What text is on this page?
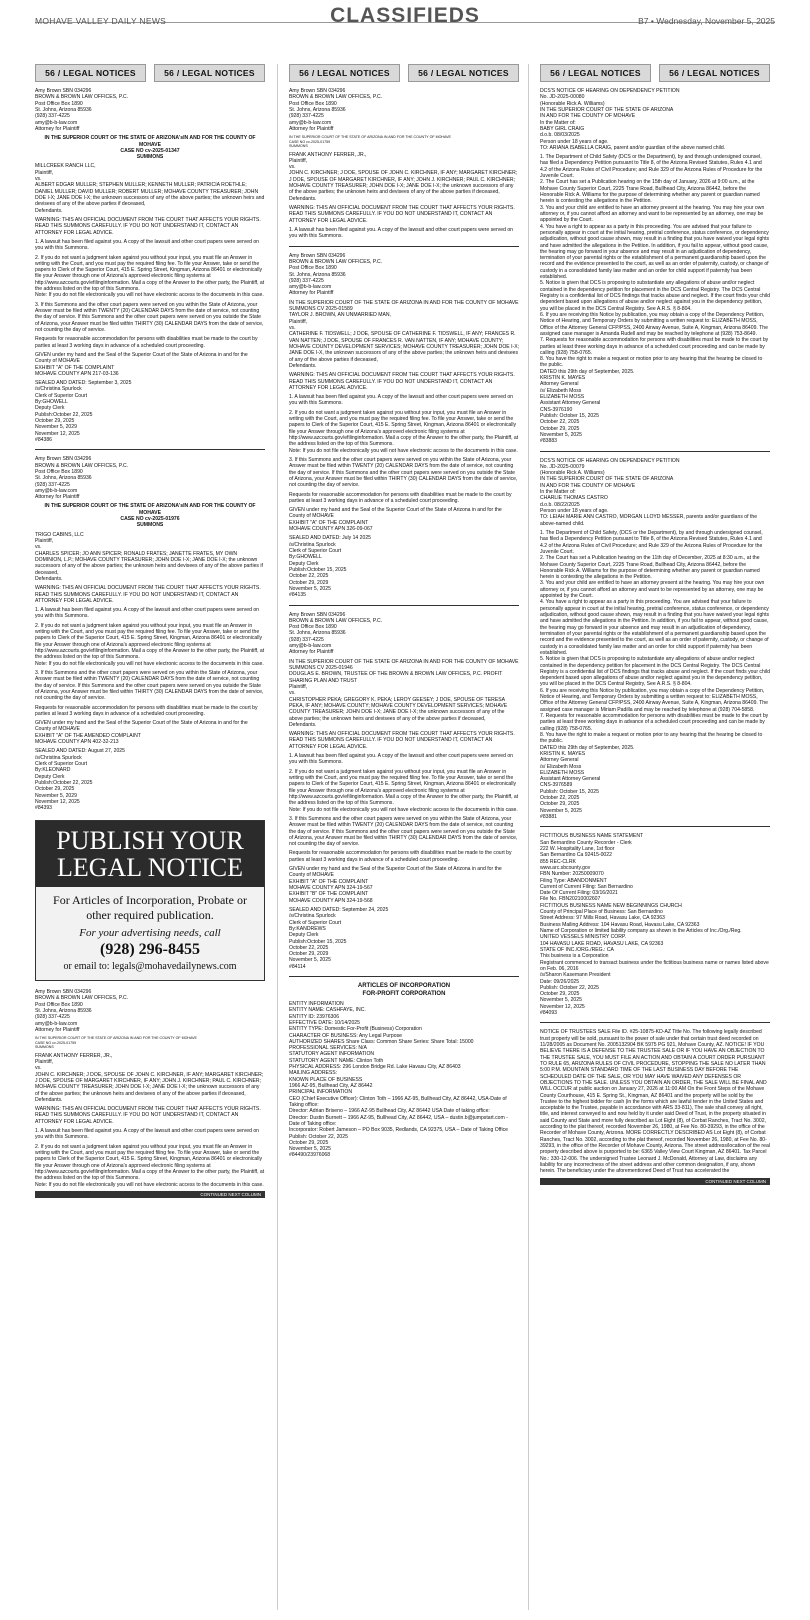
MOHAVE VALLEY DAILY NEWS	CLASSIFIEDS	B7 • Wednesday, November 5, 2025
56 / LEGAL NOTICES	56 / LEGAL NOTICES

Amy Brown SBN 034296
BROWN & BROWN LAW OFFICES, P.C.
Post Office Box 1890
St. Johns, Arizona 85936
(928) 337-4225
amy@b-b-law.com
Attorney for Plaintiff

IN THE SUPERIOR COURT OF THE STATE OF ARIZONA'sIN AND FOR THE COUNTY OF MOHAVE
CASE NO cv-2025-01347
SUMMONS

MILLCREEK RANCH LLC,
Plaintiff,
vs.
ALBERT EDGAR MULLER; STEPHEN MULLER; KENNETH MULLER; PATRICIA ROETHLE; DANIEL MULLER; DAVID MULLER; ROBERT MULLER; MOHAVE COUNTY TREASURER; JOHN DOE I-X; JANE DOE I-X; the unknown successors of any of the above parties; the unknown heirs and devisees of any of the above parties if deceased,
Defendants.

WARNING: THIS AN OFFICIAL DOCUMENT FROM THE COURT THAT AFFECTS YOUR RIGHTS. READ THIS SUMMONS CAREFULLY. IF YOU DO NOT UNDERSTAND IT, CONTACT AN ATTORNEY FOR LEGAL ADVICE.

1. A lawsuit has been filed against you. A copy of the lawsuit and other court papers were served on you with this Summons.

2. If you do not want a judgment taken against you without your input, you must file an Answer in writing with the Court, and you must pay the required filing fee. To file your Answer, take or send the papers to Clerk of the Superior Court, 415 E. Spring Street, Kingman, Arizona 86401 or electronically file your Answer through one of Arizona's approved electronic filing systems at http://www.azcourts.gov/efilinginformation. Mail a copy of the Answer to the other party, the Plaintiff, at the address listed on the top of this Summons.
Note: If you do not file electronically you will not have electronic access to the documents in this case.

3. If this Summons and the other court papers were served on you within the State of Arizona, your Answer must be filed within TWENTY (20) CALENDAR DAYS from the date of service, not counting the day of service. If this Summons and the other court papers were served on you outside the State of Arizona, your Answer must be filed within THIRTY (30) CALENDAR DAYS from the date of service, not counting the day of service.

Requests for reasonable accommodation for persons with disabilities must be made to the court by parties at least 3 working days in advance of a scheduled court proceeding.

GIVEN under my hand and the Seal of the Superior Court of the State of Arizona in and for the County of MOHAVE
EXHIBIT "A" OF THE COMPLAINT
MOHAVE COUNTY APN 217-03-136

SEALED AND DATED: September 3, 2025
/s/Christina Spurlock
Clerk of Superior Court
By:GHOWELL
Deputy Clerk
Publish:October 22, 2025
October 29, 2025
November 5, 2029
November 12, 2025
#84386

Amy Brown SBN 034296
BROWN & BROWN LAW OFFICES, P.C.
Post Office Box 1890
St. Johns, Arizona 85936
(928) 337-4225
amy@b-b-law.com
Attorney for Plaintiff

IN THE SUPERIOR COURT OF THE STATE OF ARIZONA'sIN AND FOR THE COUNTY OF MOHAVE
CASE NO cv-2025-01976
SUMMONS

TRIGO CABINS, LLC
Plaintiff,
vs.
CHARLES SPICER; JO ANN SPICER; RONALD FRATES; JANETTE FRATES, MY OWN DOMINION, L.P.; MOHAVE COUNTY TREASURER; JOHN DOE I-X; JANE DOE I-X; the unknown successors of any of the above parties; the unknown heirs and devisees of any of the above parties if deceased,
Defendants.

WARNING: THIS AN OFFICIAL DOCUMENT FROM THE COURT THAT AFFECTS YOUR RIGHTS. READ THIS SUMMONS CAREFULLY. IF YOU DO NOT UNDERSTAND IT, CONTACT AN ATTORNEY FOR LEGAL ADVICE.

1. A lawsuit has been filed against you. A copy of the lawsuit and other court papers were served on you with this Summons.

2. If you do not want a judgment taken against you without your input, you must file an Answer in writing with the Court, and you must pay the required filing fee. To file your Answer, take or send the papers to Clerk of the Superior Court, 415 E. Spring Street, Kingman, Arizona 86401 or electronically file your Answer through one of Arizona's approved electronic filing systems at http://www.azcourts.gov/efilinginformation. Mail a copy of the Answer to the other party, the Plaintiff, at the address listed on the top of this Summons.
Note: If you do not file electronically you will not have electronic access to the documents in this case.

3. If this Summons and the other court papers were served on you within the State of Arizona, your Answer must be filed within TWENTY (20) CALENDAR DAYS from the date of service, not counting the day of service. If this Summons and the other court papers were served on you outside the State of Arizona, your Answer must be filed within THIRTY (30) CALENDAR DAYS from the date of service, not counting the day of service.

Requests for reasonable accommodation for persons with disabilities must be made to the court by parties at least 3 working days in advance of a scheduled court proceeding.

GIVEN under my hand and the Seal of the Superior Court of the State of Arizona in and for the County of MOHAVE
EXHIBIT "A" OF THE AMENDED COMPLAINT
MOHAVE COUNTY APN 402-32-213

SEALED AND DATED: August 27, 2025
/s/Christina Spurlock
Clerk of Superior Court
By:KLEONARD
Deputy Clerk
Publish:October 22, 2025
October 29, 2025
November 5, 2029
November 12, 2025
#84393

PUBLISH YOUR LEGAL NOTICE
For Articles of Incorporation, Probate or other required publication.
For your advertising needs, call
(928) 296-8455
or email to: legals@mohavedailynews.com

Amy Brown SBN 034296
BROWN & BROWN LAW OFFICES, P.C.
Post Office Box 1890
St. Johns, Arizona 85936
(928) 337-4225
amy@b-b-law.com
Attorney for Plaintiff

IN THE SUPERIOR COURT OF THE STATE OF ARIZONA IN AND FOR THE COUNTY OF MOHAVE
CASE NO cv-2025-01759
SUMMONS

FRANK ANTHONY FERRER, JR.,
Plaintiff,
vs.
JOHN C. KIRCHNER; J DOE, SPOUSE OF JOHN C. KIRCHNER, IF ANY; MARGARET KIRCHNER; J DOE, SPOUSE OF MARGARET KIRCHNER, IF ANY; JOHN J. KIRCHNER; PAUL C. KIRCHNER; MOHAVE COUNTY TREASURER; JOHN DOE I-X; JANE DOE I-X; the unknown successors of any of the above parties; the unknown heirs and devisees of any of the above parties if deceased,
Defendants.

WARNING: THIS AN OFFICIAL DOCUMENT FROM THE COURT THAT AFFECTS YOUR RIGHTS. READ THIS SUMMONS CAREFULLY. IF YOU DO NOT UNDERSTAND IT, CONTACT AN ATTORNEY FOR LEGAL ADVICE.

1. A lawsuit has been filed against you. A copy of the lawsuit and other court papers were served on you with this Summons.

2. If you do not want a judgment taken against you without your input, you must file an Answer in writing with the Court, and you must pay the required filing fee. To file your Answer, take or send the papers to Clerk of the Superior Court, 415 E. Spring Street, Kingman, Arizona 86401 or electronically file your Answer through one of Arizona's approved electronic filing systems at http://www.azcourts.gov/efilinginformation. Mail a copy of the Answer to the other party, the Plaintiff, at the address listed on the top of this Summons.
Note: If you do not file electronically you will not have electronic access to the documents in this case.

CONTINUED NEXT COLUMN
56 / LEGAL NOTICES	56 / LEGAL NOTICES

Amy Brown SBN 034296
BROWN & BROWN LAW OFFICES, P.C.
Post Office Box 1890
St. Johns, Arizona 85936
(928) 337-4225
amy@b-b-law.com
Attorney for Plaintiff

IN THE SUPERIOR COURT OF THE STATE OF ARIZONA IN AND FOR THE COUNTY OF MOHAVE
CASE NO cv-2025-01759
SUMMONS

FRANK ANTHONY FERRER, JR.,
Plaintiff,
vs.
JOHN C. KIRCHNER; J DOE, SPOUSE OF JOHN C. KIRCHNER, IF ANY; MARGARET KIRCHNER; J DOE, SPOUSE OF MARGARET KIRCHNER, IF ANY; JOHN J. KIRCHNER; PAUL C. KIRCHNER; MOHAVE COUNTY TREASURER; JOHN DOE I-X; JANE DOE I-X; the unknown successors of any of the above parties; the unknown heirs and devisees of any of the above parties if deceased,
Defendants.

WARNING: THIS AN OFFICIAL DOCUMENT FROM THE COURT THAT AFFECTS YOUR RIGHTS. READ THIS SUMMONS CAREFULLY. IF YOU DO NOT UNDERSTAND IT, CONTACT AN ATTORNEY FOR LEGAL ADVICE.

1. A lawsuit has been filed against you. A copy of the lawsuit and other court papers were served on you with this Summons.

Amy Brown SBN 034296
BROWN & BROWN LAW OFFICES, P.C.
Post Office Box 1890
St. Johns, Arizona 85936
(928) 337-4225
amy@b-b-law.com
Attorney for Plaintiff

IN THE SUPERIOR COURT OF THE STATE OF ARIZONA IN AND FOR THE COUNTY OF MOHAVE
SUMMONS CV 2025-01589
TAYLOR J. BROWN, AN UNMARRIED MAN,
Plaintiff,
vs.
CATHERINE F. TIDSWELL; J DOE, SPOUSE OF CATHERINE F. TIDSWELL, IF ANY; FRANCES R. VAN NATTEN; J DOE, SPOUSE OF FRANCES R. VAN NATTEN, IF ANY; MOHAVE COUNTY; MOHAVE COUNTY DEVELOPMENT SERVICES; MOHAVE COUNTY TREASURER; JOHN DOE I-X; JANE DOE I-X, the unknown successors of any of the above parties; the unknown heirs and devisees of any of the above parties if deceased,
Defendants.

WARNING: THIS AN OFFICIAL DOCUMENT FROM THE COURT THAT AFFECTS YOUR RIGHTS. READ THIS SUMMONS CAREFULLY. IF YOU DO NOT UNDERSTAND IT, CONTACT AN ATTORNEY FOR LEGAL ADVICE.

1. A lawsuit has been filed against you. A copy of the lawsuit and other court papers were served on you with this Summons.

2. If you do not want a judgment taken against you without your input, you must file an Answer in writing with the Court, and you must pay the required filing fee. To file your Answer, take or send the papers to Clerk of the Superior Court, 415 E. Spring Street, Kingman, Arizona 86401 or electronically file your Answer through one of Arizona's approved electronic filing systems at http://www.azcourts.gov/efilinginformation. Mail a copy of the Answer to the other party, the Plaintiff, at the address listed on the top of this Summons.
Note: If you do not file electronically you will not have electronic access to the documents in this case.

3. If this Summons and the other court papers were served on you within the State of Arizona, your Answer must be filed within TWENTY (20) CALENDAR DAYS from the date of service, not counting the day of service. If this Summons and the other court papers were served on you outside the State of Arizona, your Answer must be filed within THIRTY (30) CALENDAR DAYS from the date of service, not counting the day of service.

Requests for reasonable accommodation for persons with disabilities must be made to the court by parties at least 3 working days in advance of a scheduled court proceeding.

GIVEN under my hand and the Seal of the Superior Court of the State of Arizona in and for the County of MOHAVE
EXHIBIT "A" OF THE COMPLAINT
MOHAVE COUNTY APN 326-09-067

SEALED AND DATED: July 14 2025
/s/Christina Spurlock
Clerk of Superior Court
By:GHOWELL
Deputy Clerk
Publish:October 15, 2025
October 22, 2025
October 29, 2029
November 5, 2025
#84135

Amy Brown SBN 034296
BROWN & BROWN LAW OFFICES, P.C.
Post Office Box 1890
St. Johns, Arizona 85936
(928) 337-4225
amy@b-b-law.com
Attorney for Plaintiff

IN THE SUPERIOR COURT OF THE STATE OF ARIZONA IN AND FOR THE COUNTY OF MOHAVE
SUMMONS CV 2025-01946
DOUGLAS E. BROWN, TRUSTEE OF THE BROWN & BROWN LAW OFFICES, P.C. PROFIT SHARING PLAN AND TRUST
Plaintiff,
vs.
CHRISTOPHER PEKA; GREGORY K. PEKA; LEROY GEESEY; J DOE, SPOUSE OF TERESA PEKA, IF ANY; MOHAVE COUNTY; MOHAVE COUNTY DEVELOPMENT SERVICES; MOHAVE COUNTY TREASURER; JOHN DOE I-X; JANE DOE I-X; the unknown successors of any of the above parties; the unknown heirs and devisees of any of the above parties if deceased,
Defendants.

WARNING: THIS AN OFFICIAL DOCUMENT FROM THE COURT THAT AFFECTS YOUR RIGHTS. READ THIS SUMMONS CAREFULLY. IF YOU DO NOT UNDERSTAND IT, CONTACT AN ATTORNEY FOR LEGAL ADVICE.

1. A lawsuit has been filed against you. A copy of the lawsuit and other court papers were served on you with this Summons.

2. If you do not want a judgment taken against you without your input, you must file an Answer in writing with the Court, and you must pay the required filing fee. To file your Answer, take or send the papers to Clerk of the Superior Court, 415 E. Spring Street, Kingman, Arizona 86401 or electronically file your Answer through one of Arizona's approved electronic filing systems at http://www.azcourts.gov/efilinginformation. Mail a copy of the Answer to the other party, the Plaintiff, at the address listed on the top of this Summons.
Note: If you do not file electronically you will not have electronic access to the documents in this case.

3. If this Summons and the other court papers were served on you within the State of Arizona, your Answer must be filed within TWENTY (20) CALENDAR DAYS from the date of service, not counting the day of service. If this Summons and the other court papers were served on you outside the State of Arizona, your Answer must be filed within THIRTY (30) CALENDAR DAYS from the date of service, not counting the day of service.

Requests for reasonable accommodation for persons with disabilities must be made to the court by parties at least 3 working days in advance of a scheduled court proceeding.

GIVEN under my hand and the Seal of the Superior Court of the State of Arizona in and for the County of MOHAVE
EXHIBIT "A" OF THE COMPLAINT
MOHAVE COUNTY APN 324-19-567
EXHIBIT "B" OF THE COMPLAINT
MOHAVE COUNTY APN 324-19-568

SEALED AND DATED: September 24, 2025
/s/Christina Spurlock
Clerk of Superior Court
By:KANDREWS
Deputy Clerk
Publish:October 15, 2025
October 22, 2025
October 29, 2029
November 5, 2025
#84114

ARTICLES OF INCORPORATION
FOR-PROFIT CORPORATION

ENTITY INFORMATION
ENTITY NAME: CASHFAYE, INC.
ENTITY ID: 23976306
EFFECTIVE DATE: 10/14/2025
ENTITY TYPE: Domestic For-Profit (Business) Corporation
CHARACTER OF BUSINESS: Any Legal Purpose
AUTHORIZED SHARES Share Class: Common Share Series: Share Total: 15000
PROFESSIONAL SERVICES: N/A
STATUTORY AGENT INFORMATION
STATUTORY AGENT NAME: Clinton Toth
PHYSICAL ADDRESS: 296 London Bridge Rd. Lake Havasu City, AZ 86403
MAILING ADDRESS:
KNOWN PLACE OF BUSINESS
1966 AZ-95, Bullhead City, AZ 86442
PRINCIPAL INFORMATION
CEO (Chief Executive Officer): Clinton Toth – 1966 AZ-95, Bullhead City, AZ 86442, USA-Date of Taking office:
Director: Adrian Briseno – 1966 AZ-95 Bullhead City, AZ 86442 USA Date of taking office:
Director: Dustin Burnett – 1966 AZ-95, Bullhead City, AZ 86442, USA – dustin.b@jumpstart.com - Date of Taking office:
Incorporator: Robert Jameson – PO Box 9035, Redlands, CA 92375, USA – Date of Taking Office
Publish: October 22, 2025
October 29, 2025
November 5, 2025
#84490/23976068

56 / LEGAL NOTICES	56 / LEGAL NOTICES

DCS'S NOTICE OF HEARING ON DEPENDENCY PETITION
No. JD-2025-00080
(Honorable Rick A. Williams)
IN THE SUPERIOR COURT OF THE STATE OF ARIZONA
IN AND FOR THE COUNTY OF MOHAVE
In the Matter of:
BABY GIRL CRAIG
d.o.b. 08/03/2025
Person under 18 years of age.
TO: ARIANA ISABELLA CRAIG, parent and/or guardian of the above named child.

1. The Department of Child Safety (DCS or the Department), by and through undersigned counsel, has filed a Dependency Petition pursuant to Title 8, of the Arizona Revised Statutes, Rules 4.1 and 4.2 of the Arizona Rules of Civil Procedure; and Rule 329 of the Arizona Rules of Procedure for the Juvenile Court.
2. The Court has set a Publication hearing on the 15th day of January, 2026 at 9:00 a.m., at the Mohave County Superior Court, 2225 Trane Road, Bullhead City, Arizona 86442, before the Honorable Rick A. Williams for the purpose of determining whether any parent or guardian named herein is contesting the allegations in the Petition.
3. You and your child are entitled to have an attorney present at the hearing. You may hire your own attorney or, if you cannot afford an attorney and want to be represented by an attorney, one may be appointed by the Court.
4. You have a right to appear as a party in this proceeding. You are advised that your failure to personally appear in court at the initial hearing, pretrial conference, status conference, or dependency adjudication, without good cause shown, may result in a finding that you have waived your legal rights and have admitted the allegations in the Petition. In addition, if you fail to appear, without good cause, the hearing may go forward in your absence and may result in an adjudication of dependency, termination of your parental rights or the establishment of a permanent guardianship based upon the record and the evidence presented to the court, as well as an order of paternity, custody, or change of custody in a consolidated family law matter and an order for child support if paternity has been established.
5. Notice is given that DCS is proposing to substantiate any allegations of abuse and/or neglect contained in the dependency petition for placement in the DCS Central Registry. The DCS Central Registry is a confidential list of DCS findings that tracks abuse and neglect. If the court finds your child dependent based upon allegations of abuse and/or neglect against you in the dependency petition, you will be placed in the DCS Central Registry. See A.R.S. § 8-804.
6. If you are receiving this Notice by publication, you may obtain a copy of the Dependency Petition, Notice of Hearing, and Temporary Orders by submitting a written request to: ELIZABETH MOSS, Office of the Attorney General CFP/PSS, 2400 Airway Avenue, Suite A, Kingman, Arizona 86409. The assigned case manager is Amanda Rudell and may be reached by telephone at (928) 753-8649.
7. Requests for reasonable accommodation for persons with disabilities must be made to the court by parties at least three working days in advance of a scheduled court proceeding and can be made by calling (928) 758-0765.
8. You have the right to make a request or motion prior to any hearing that the hearing be closed to the public.
DATED this 29th day of September, 2025.
KRISTIN K. MAYES
Attorney General
/s/ Elizabeth Moss
ELIZABETH MOSS
Assistant Attorney General
CNS-3976190
Publish: October 15, 2025
October 22, 2025
October 29, 2025
November 5, 2025
#83883

DCS'S NOTICE OF HEARING ON DEPENDENCY PETITION
No. JD-2025-00079
(Honorable Rick A. Williams)
IN THE SUPERIOR COURT OF THE STATE OF ARIZONA
IN AND FOR THE COUNTY OF MOHAVE
In the Matter of:
CHARLIE THOMAS CASTRO
d.o.b. 08/22/2025
Person under 18 years of age.
TO: LEIAH MARIE ANN CASTRO, MORGAN LLOYD MESSER, parents and/or guardians of the above-named child.

1. The Department of Child Safety, (DCS or the Department), by and through undersigned counsel, has filed a Dependency Petition pursuant to Title 8, of the Arizona Revised Statutes, Rules 4.1 and 4.2 of the Arizona Rules of Civil Procedure; and Rule 329 of the Arizona Rules of Procedure for the Juvenile Court.
2. The Court has set a Publication hearing on the 11th day of December, 2025 at 8:30 a.m., at the Mohave County Superior Court, 2225 Trane Road, Bullhead City, Arizona 86442, before the Honorable Rick A. Williams for the purpose of determining whether any parent or guardian named herein is contesting the allegations in the Petition.
3. You and your child are entitled to have an attorney present at the hearing. You may hire your own attorney or, if you cannot afford an attorney and want to be represented by an attorney, one may be appointed by the Court.
4. You have a right to appear as a party in this proceeding. You are advised that your failure to personally appear in court at the initial hearing, pretrial conference, status conference, or dependency adjudication, without good cause shown, may result in a finding that you have waived your legal rights and have admitted the allegations in the Petition. In addition, if you fail to appear, without good cause, the hearing may go forward in your absence and may result in an adjudication of dependency, termination of your parental rights or the establishment of a permanent guardianship based upon the record and the evidence presented to the court, as well as an order of paternity, custody, or change of custody in a consolidated family law matter and an order for child support if paternity has been established.
5. Notice is given that DCS is proposing to substantiate any allegations of abuse and/or neglect contained in the dependency petition for placement in the DCS Central Registry. The DCS Central Registry is a confidential list of DCS findings that tracks abuse and neglect. If the court finds your child dependent based upon allegations of abuse and/or neglect against you in the dependency petition, you will be placed in the DCS Central Registry, See A.R.S. § 8-804.
6. If you are receiving this Notice by publication, you may obtain a copy of the Dependency Petition, Notice of Hearing, and Temporary Orders by submitting a written request to: ELIZABETH MOSS, Office of the Attorney General CFP/PSS, 2400 Airway Avenue, Suite A, Kingman, Arizona 86409. The assigned case manager is Miriam Padilla and may be reached by telephone at (928) 704-5858.
7. Requests for reasonable accommodation for persons with disabilities must be made to the court by parties at least three working days in advance of a scheduled court proceeding and can be made by calling (928) 758-0765.
8. You have the right to make a request or motion prior to any hearing that the hearing be closed to the public.
DATED this 29th day of September, 2025.
KRISTIN K. MAYES
Attorney General
/s/ Elizabeth Moss
ELIZABETH MOSS
Assistant Attorney General
CNS-3976589
Publish: October 15, 2025
October 22, 2025
October 29, 2025
November 5, 2025
#83881

FICTITIOUS BUSINESS NAME STATEMENT
San Bernardino County Recorder - Clerk
222 W. Hospitality Lane, 1st floor
San Bernardino Ca 92415-0022
855 REC-CLRK
www.arc.sbcounty.gov
FBN Number: 20250009070
Filing Type: ABANDONMENT
Current of Current Filing: San Bernardino
Date Of Current Filing: 03/16/2021
File No. FBN20210002607
FICTITIOUS BUSINESS NAME NEW BEGINNINGS CHURCH
County of Principal Place of Business: San Bernardino
Street Address: 97 Mills Road, Havasu Lake, CA 92363
Business Mailing Address: 104 Havasu Road, Havasu Lake, CA 92363
Name of Corporation or limited liability company as shown in the Articles of Inc./Org./Reg.
UNITED VESSELS MINISTRY CORP.
104 HAVASU LAKE ROAD, HAVASU LAKE, CA 92363
STATE OF INC./ORG./REG.: CA
This business is a Corporation
Registrant commenced to transact business under the fictitious business name or names listed above on Feb. 06, 2016
/s/Sharon Kasemann President
Date: 09/26/2025
Publish: October 22, 2025
October 29, 2025
November 5, 2025
November 12, 2025
#84093

NOTICE OF TRUSTEES SALE File ID. #25-10875-KD-AZ Title No. The following legally described trust property will be sold, pursuant to the power of sale under that certain trust deed recorded on 11/28/2005 as Document No. 2005132904 BK 5975 PG 921, Mohave County, AZ. NOTICE! IF YOU BELIEVE THERE IS A DEFENSE TO THE TRUSTEE SALE OR IF YOU HAVE AN OBJECTION TO THE TRUSTEE SALE, YOU MUST FILE AN ACTION AND OBTAIN A COURT ORDER PURSUANT TO RULE 65, ARIZONA RULES OF CIVIL PROCEDURE, STOPPING THE SALE NO LATER THAN 5:00 P.M. MOUNTAIN STANDARD TIME OF THE LAST BUSINESS DAY BEFORE THE SCHEDULED DATE OF THE SALE, OR YOU MAY HAVE WAIVED ANY DEFENSES OR OBJECTIONS TO THE SALE. UNLESS YOU OBTAIN AN ORDER, THE SALE WILL BE FINAL AND WILL OCCUR at public auction on January 27, 2026 at 11:00 AM On the Front Steps of the Mohave County Courthouse, 415 E. Spring St., Kingman, AZ 86401 and the property will be sold by the Trustee to the highest bidder for cash (in the forms which are lawful tender in the United States and acceptable to the Trustee, payable in accordance with ARS 33-811), The sale shall convey all right, title, and interest conveyed to and now held by it under said Deed of Trust, in the property situated in said County and State and more fully described as Lot Eight (8), of Corbat Ranches, Tract No. 3002, according to the plat thereof, recorded November 26, 1980, at Fee No. 80-39293, in the office of the Recorder of Mohave County, Arizona. MORE CORRECTLY DESCRIBED AS Lot Eight (8), of Corbat Ranches, Tract No. 3002, according to the plat thereof, recorded November 26, 1980, at Fee No. 80-39293, in the office of the Recorder of Mohave County, Arizona. The street address/location of the real property described above is purported to be: 6365 Valley View Court Kingman, AZ 86401. Tax Parcel No.: 330-12-006. The undersigned Trustee Leonard J. McDonald, Attorney at Law, disclaims any liability for any incorrectness of the street address and other common designation, if any, shown herein. The beneficiary under the aforementioned Deed of Trust has accelerated the

CONTINUED NEXT COLUMN
